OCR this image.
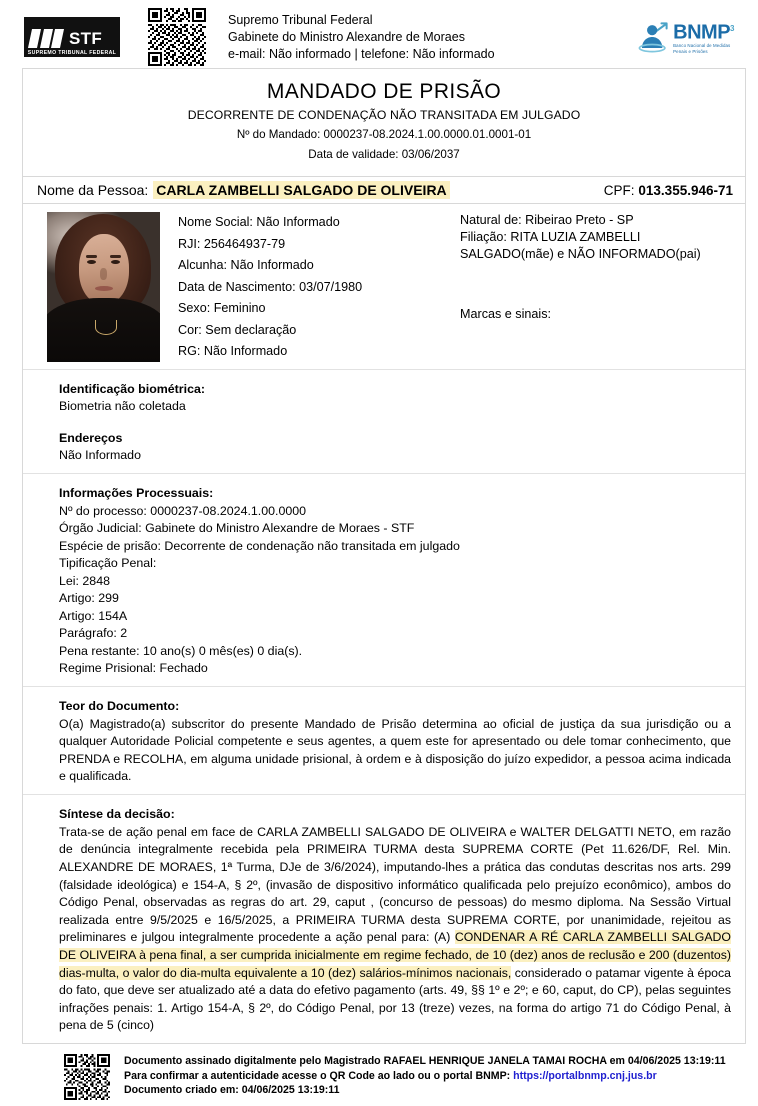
STF
SUPREMO TRIBUNAL FEDERAL
Supremo Tribunal Federal
Gabinete do Ministro Alexandre de Moraes
e-mail: Não informado | telefone: Não informado
BNMP$^3$
Banco Nacional de Medidas
Penais e Prisões
MANDADO DE PRISÃO
DECORRENTE DE CONDENAÇÃO NÃO TRANSITADA EM JULGADO
Nº do Mandado: 0000237-08.2024.1.00.0000.01.0001-01
Data de validade: 03/06/2037
Nome da Pessoa: CARLA ZAMBELLI SALGADO DE OLIVEIRA	CPF: 013.355.946-71
Nome Social: Não Informado
RJI: 256464937-79
Alcunha: Não Informado
Data de Nascimento: 03/07/1980
Sexo: Feminino
Cor: Sem declaração
RG: Não Informado
Natural de: Ribeirao Preto - SP
Filiação: RITA LUZIA ZAMBELLI
SALGADO(mãe) e NÃO INFORMADO(pai)
Marcas e sinais:
Identificação biométrica:
Biometria não coletada
Endereços
Não Informado
Informações Processuais:
Nº do processo: 0000237-08.2024.1.00.0000
Órgão Judicial: Gabinete do Ministro Alexandre de Moraes - STF
Espécie de prisão: Decorrente de condenação não transitada em julgado
Tipificação Penal:
Lei: 2848
Artigo: 299
Artigo: 154A
Parágrafo: 2
Pena restante: 10 ano(s) 0 mês(es) 0 dia(s).
Regime Prisional: Fechado
Teor do Documento:
O(a) Magistrado(a) subscritor do presente Mandado de Prisão determina ao oficial de justiça da sua jurisdição ou a qualquer Autoridade Policial competente e seus agentes, a quem este for apresentado ou dele tomar conhecimento, que PRENDA e RECOLHA, em alguma unidade prisional, à ordem e à disposição do juízo expedidor, a pessoa acima indicada e qualificada.
Síntese da decisão:
Trata-se de ação penal em face de CARLA ZAMBELLI SALGADO DE OLIVEIRA e WALTER DELGATTI NETO, em razão de denúncia integralmente recebida pela PRIMEIRA TURMA desta SUPREMA CORTE (Pet 11.626/DF, Rel. Min. ALEXANDRE DE MORAES, 1ª Turma, DJe de 3/6/2024), imputando-lhes a prática das condutas descritas nos arts. 299 (falsidade ideológica) e 154-A, § 2º, (invasão de dispositivo informático qualificada pelo prejuízo econômico), ambos do Código Penal, observadas as regras do art. 29, caput , (concurso de pessoas) do mesmo diploma. Na Sessão Virtual realizada entre 9/5/2025 e 16/5/2025, a PRIMEIRA TURMA desta SUPREMA CORTE, por unanimidade, rejeitou as preliminares e julgou integralmente procedente a ação penal para: (A) CONDENAR A RÉ CARLA ZAMBELLI SALGADO DE OLIVEIRA à pena final, a ser cumprida inicialmente em regime fechado, de 10 (dez) anos de reclusão e 200 (duzentos) dias-multa, o valor do dia-multa equivalente a 10 (dez) salários-mínimos nacionais, considerado o patamar vigente à época do fato, que deve ser atualizado até a data do efetivo pagamento (arts. 49, §§ 1º e 2º; e 60, caput, do CP), pelas seguintes infrações penais: 1. Artigo 154-A, § 2º, do Código Penal, por 13 (treze) vezes, na forma do artigo 71 do Código Penal, à pena de 5 (cinco)
Documento assinado digitalmente pelo Magistrado RAFAEL HENRIQUE JANELA TAMAI ROCHA em 04/06/2025 13:19:11
Para confirmar a autenticidade acesse o QR Code ao lado ou o portal BNMP: https://portalbnmp.cnj.jus.br
Documento criado em: 04/06/2025 13:19:11
